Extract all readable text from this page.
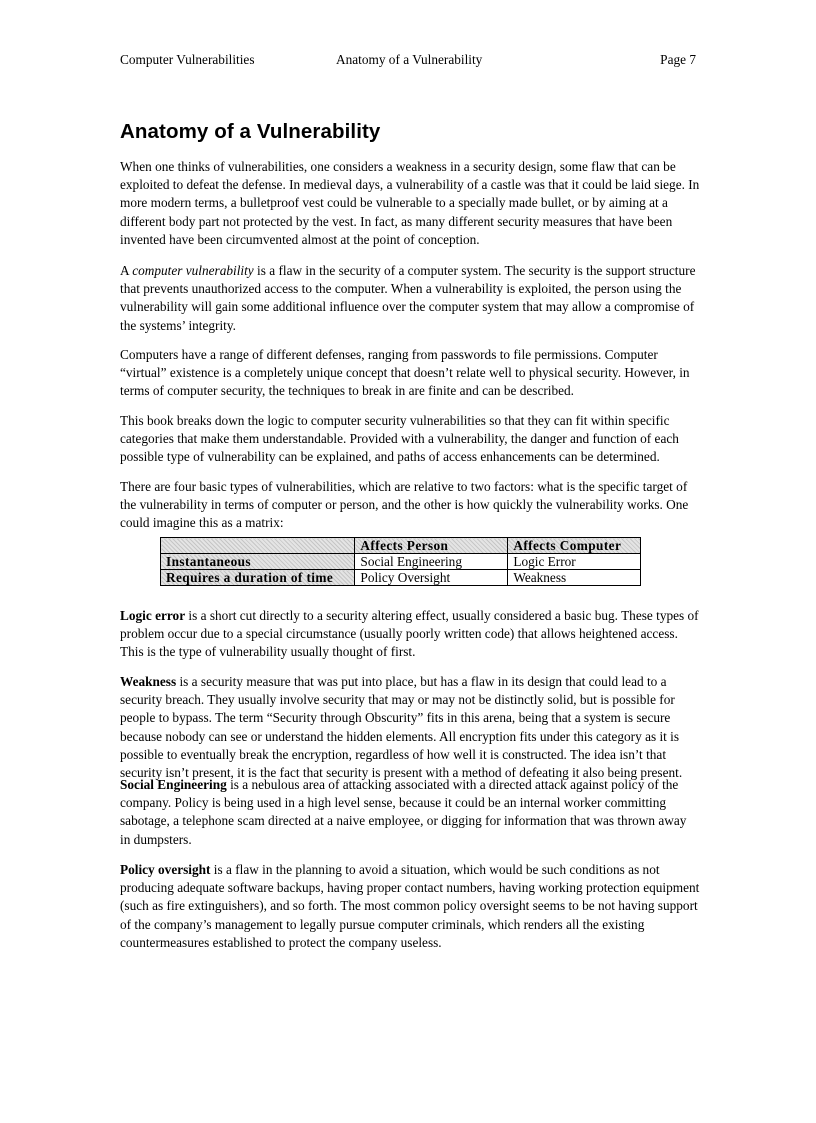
Computer Vulnerabilities	Anatomy of a Vulnerability	Page 7
Anatomy of a Vulnerability

When one thinks of vulnerabilities, one considers a weakness in a security design, some flaw that can be exploited to defeat the defense. In medieval days, a vulnerability of a castle was that it could be laid siege. In more modern terms, a bulletproof vest could be vulnerable to a specially made bullet, or by aiming at a different body part not protected by the vest. In fact, as many different security measures that have been invented have been circumvented almost at the point of conception.

A computer vulnerability is a flaw in the security of a computer system. The security is the support structure that prevents unauthorized access to the computer. When a vulnerability is exploited, the person using the vulnerability will gain some additional influence over the computer system that may allow a compromise of the systems’ integrity.

Computers have a range of different defenses, ranging from passwords to file permissions. Computer “virtual” existence is a completely unique concept that doesn’t relate well to physical security. However, in terms of computer security, the techniques to break in are finite and can be described.

This book breaks down the logic to computer security vulnerabilities so that they can fit within specific categories that make them understandable. Provided with a vulnerability, the danger and function of each possible type of vulnerability can be explained, and paths of access enhancements can be determined.

There are four basic types of vulnerabilities, which are relative to two factors: what is the specific target of the vulnerability in terms of computer or person, and the other is how quickly the vulnerability works. One could imagine this as a matrix:

	Affects Person	Affects Computer
Instantaneous	Social Engineering	Logic Error
Requires a duration of time	Policy Oversight	Weakness

Logic error is a short cut directly to a security altering effect, usually considered a basic bug. These types of problem occur due to a special circumstance (usually poorly written code) that allows heightened access. This is the type of vulnerability usually thought of first.

Weakness is a security measure that was put into place, but has a flaw in its design that could lead to a security breach. They usually involve security that may or may not be distinctly solid, but is possible for people to bypass. The term “Security through Obscurity” fits in this arena, being that a system is secure because nobody can see or understand the hidden elements. All encryption fits under this category as it is possible to eventually break the encryption, regardless of how well it is constructed. The idea isn’t that security isn’t present, it is the fact that security is present with a method of defeating it also being present.

Social Engineering is a nebulous area of attacking associated with a directed attack against policy of the company. Policy is being used in a high level sense, because it could be an internal worker committing sabotage, a telephone scam directed at a naive employee, or digging for information that was thrown away in dumpsters.

Policy oversight is a flaw in the planning to avoid a situation, which would be such conditions as not producing adequate software backups, having proper contact numbers, having working protection equipment (such as fire extinguishers), and so forth. The most common policy oversight seems to be not having support of the company’s management to legally pursue computer criminals, which renders all the existing countermeasures established to protect the company useless.
